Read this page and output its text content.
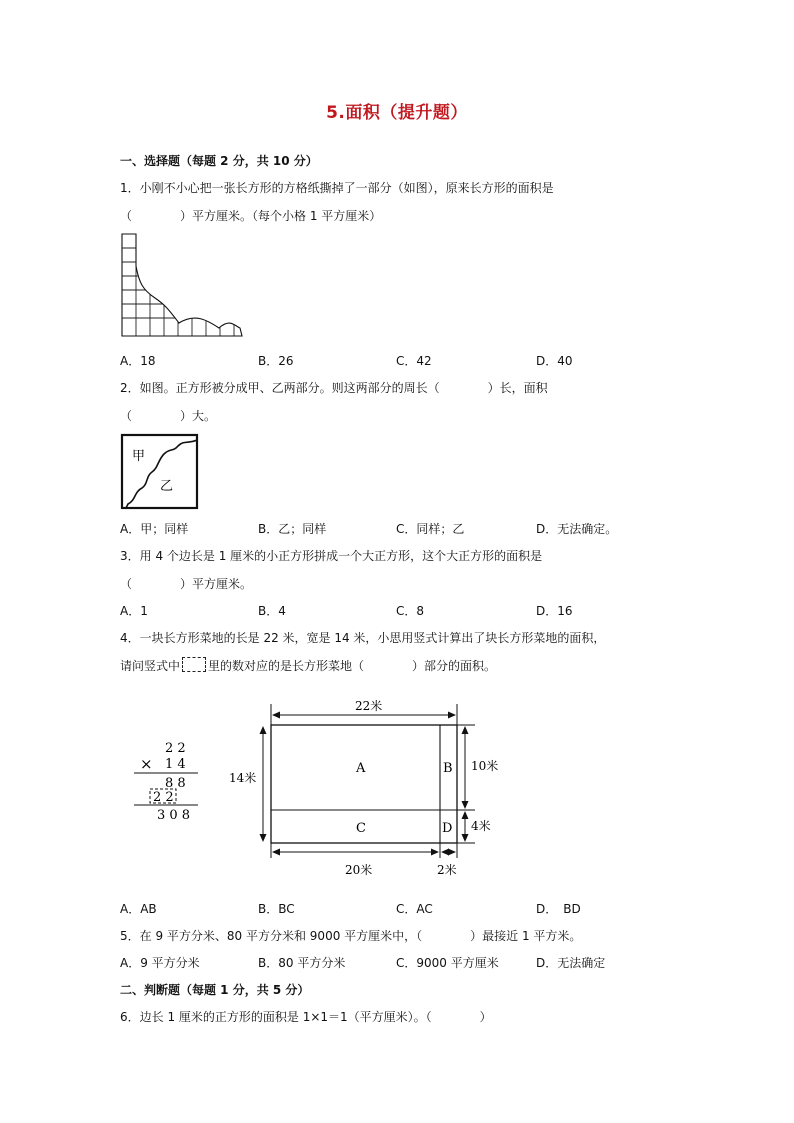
5.面积（提升题）
一、选择题（每题 2 分，共 10 分）
1．小刚不小心把一张长方形的方格纸撕掉了一部分（如图），原来长方形的面积是
（　　　　）平方厘米。（每个小格 1 平方厘米）
A．18	B．26	C．42	D．40
2．如图。正方形被分成甲、乙两部分。则这两部分的周长（　　　　）长，面积
（　　　　）大。
甲
乙
A．甲；同样	B．乙；同样	C．同样；乙	D．无法确定。
3．用 4 个边长是 1 厘米的小正方形拼成一个大正方形，这个大正方形的面积是
（　　　　）平方厘米。
A．1	B．4	C．8	D．16
4．一块长方形菜地的长是 22 米，宽是 14 米，小思用竖式计算出了块长方形菜地的面积，
请问竖式中 里的数对应的是长方形菜地（　　　　）部分的面积。
2 2
× 1 4
8 8
2 2
3 0 8
22米
14米
10米
4米
20米	2米
A	B
C	D
A．AB	B．BC	C．AC	D．　BD
5．在 9 平方分米、80 平方分米和 9000 平方厘米中，（　　　　）最接近 1 平方米。
A．9 平方分米	B．80 平方分米	C．9000 平方厘米	D．无法确定
二、判断题（每题 1 分，共 5 分）
6．边长 1 厘米的正方形的面积是 1×1＝1（平方厘米）。（　　　　）
